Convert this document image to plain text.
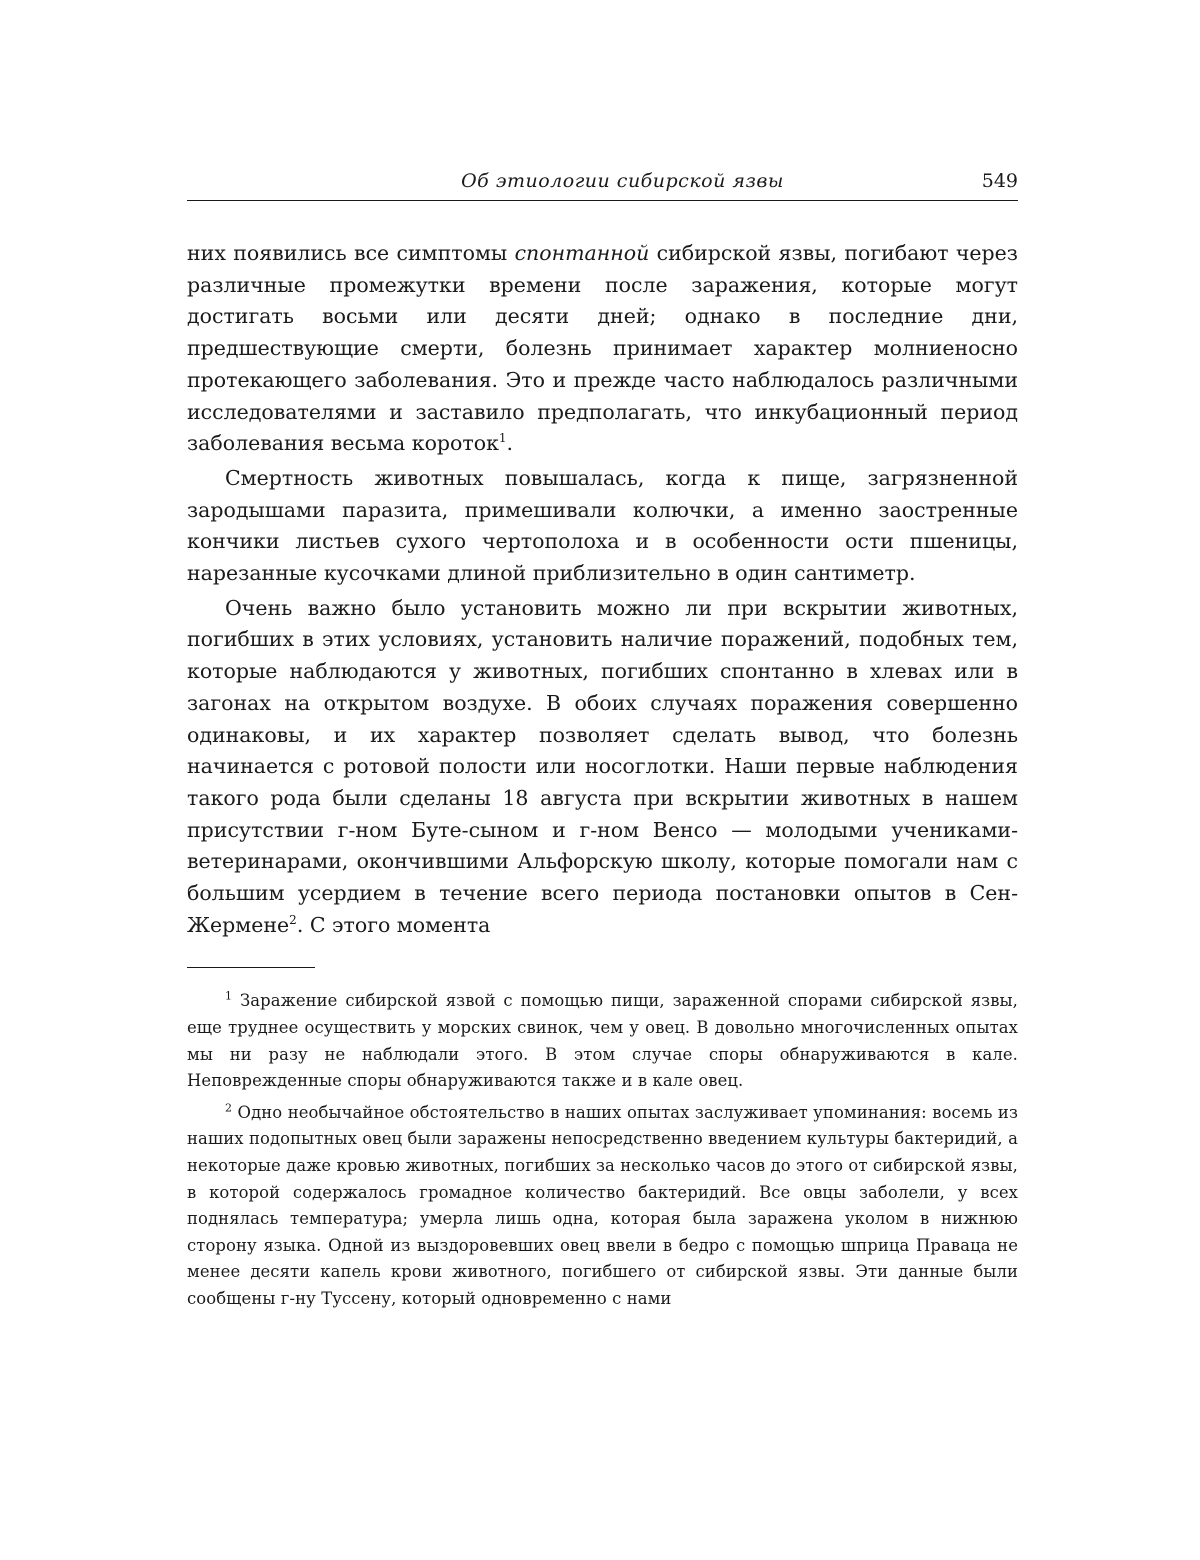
Об этиологии сибирской язвы	549

них появились все симптомы спонтанной сибирской язвы, погибают через различные промежутки времени после заражения, которые могут достигать восьми или десяти дней; однако в последние дни, предшествующие смерти, болезнь принимает характер молниеносно протекающего заболевания. Это и прежде часто наблюдалось различными исследователями и заставило предполагать, что инкубационный период заболевания весьма короток$^1$.

Смертность животных повышалась, когда к пище, загрязненной зародышами паразита, примешивали колючки, а именно заостренные кончики листьев сухого чертополоха и в особенности ости пшеницы, нарезанные кусочками длиной приблизительно в один сантиметр.

Очень важно было установить можно ли при вскрытии животных, погибших в этих условиях, установить наличие поражений, подобных тем, которые наблюдаются у животных, погибших спонтанно в хлевах или в загонах на открытом воздухе. В обоих случаях поражения совершенно одинаковы, и их характер позволяет сделать вывод, что болезнь начинается с ротовой полости или носоглотки. Наши первые наблюдения такого рода были сделаны 18 августа при вскрытии животных в нашем присутствии г-ном Буте-сыном и г-ном Венсо — молодыми учениками-ветеринарами, окончившими Альфорскую школу, которые помогали нам с большим усердием в течение всего периода постановки опытов в Сен-Жермене$^2$. С этого момента

$^1$ Заражение сибирской язвой с помощью пищи, зараженной спорами сибирской язвы, еще труднее осуществить у морских свинок, чем у овец. В довольно многочисленных опытах мы ни разу не наблюдали этого. В этом случае споры обнаруживаются в кале. Неповрежденные споры обнаруживаются также и в кале овец.

$^2$ Одно необычайное обстоятельство в наших опытах заслуживает упоминания: восемь из наших подопытных овец были заражены непосредственно введением культуры бактеридий, а некоторые даже кровью животных, погибших за несколько часов до этого от сибирской язвы, в которой содержалось громадное количество бактеридий. Все овцы заболели, у всех поднялась температура; умерла лишь одна, которая была заражена уколом в нижнюю сторону языка. Одной из выздоровевших овец ввели в бедро с помощью шприца Праваца не менее десяти капель крови животного, погибшего от сибирской язвы. Эти данные были сообщены г-ну Туссену, который одновременно с нами
